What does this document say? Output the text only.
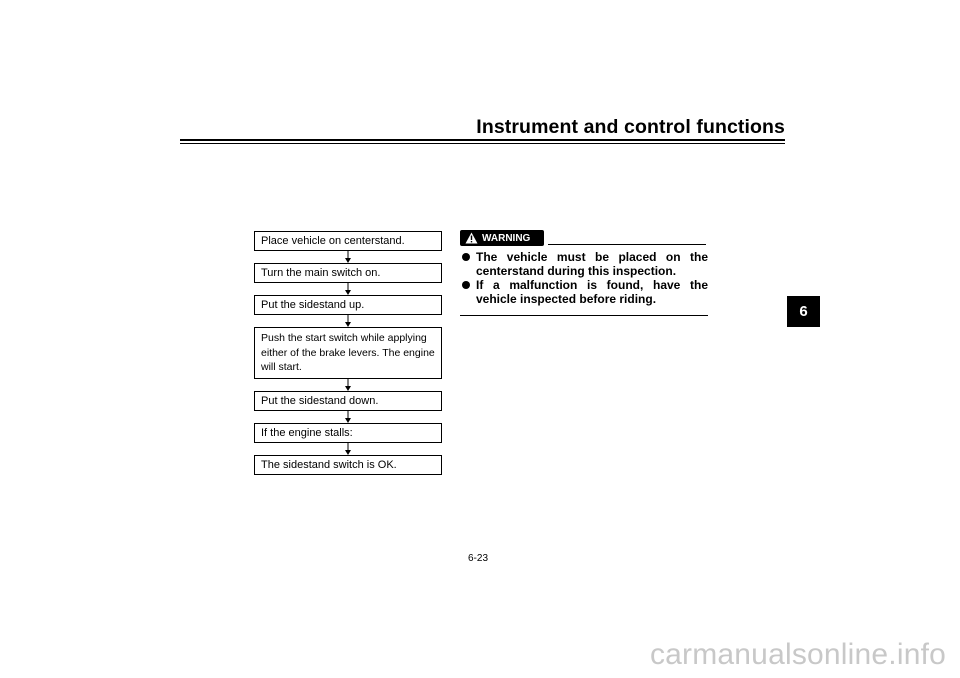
Instrument and control functions
6
Place vehicle on centerstand.
Turn the main switch on.
Put the sidestand up.
Push the start switch while applying either of the brake levers. The engine will start.
Put the sidestand down.
If the engine stalls:
The sidestand switch is OK.
WARNING
The vehicle must be placed on the centerstand during this inspection.
If a malfunction is found, have the vehicle inspected before riding.
6-23
carmanualsonline.info
